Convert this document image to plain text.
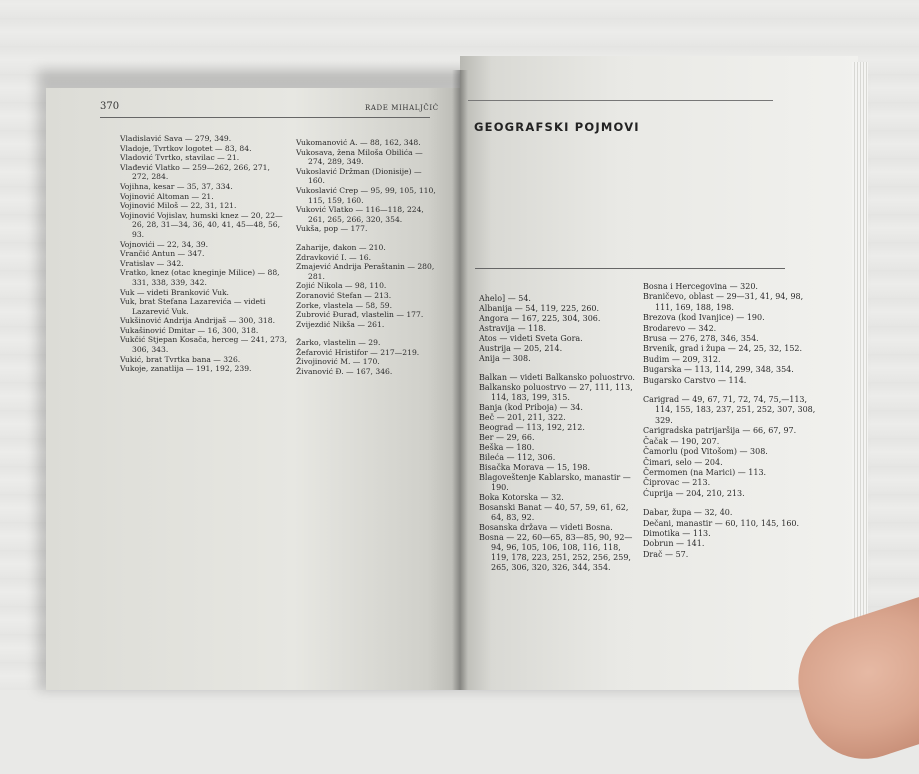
370	RADE MIHALJČIĆ

Vladislavić Sava — 279, 349.

Vladoje, Tvrtkov logotet — 83, 84.

Vladović Tvrtko, stavilac — 21.

Vlađević Vlatko — 259—262, 266, 271, 272, 284.

Vojihna, kesar — 35, 37, 334.

Vojinović Altoman — 21.

Vojinović Miloš — 22, 31, 121.

Vojinović Vojislav, humski knez — 20, 22—26, 28, 31—34, 36, 40, 41, 45—48, 56, 93.

Vojnovići — 22, 34, 39.

Vrančić Antun — 347.

Vratislav — 342.

Vratko, knez (otac kneginje Milice) — 88, 331, 338, 339, 342.

Vuk — videti Branković Vuk.

Vuk, brat Stefana Lazarevića — videti Lazarević Vuk.

Vukšinović Andrija Andrijaš — 300, 318.

Vukašinović Dmitar — 16, 300, 318.

Vukčić Stjepan Kosača, herceg — 241, 273, 306, 343.

Vukić, brat Tvrtka bana — 326.

Vukoje, zanatlija — 191, 192, 239.

Vukomanović A. — 88, 162, 348.

Vukosava, žena Miloša Obilića — 274, 289, 349.

Vukoslavić Držman (Dionisije) — 160.

Vukoslavić Crep — 95, 99, 105, 110, 115, 159, 160.

Vuković Vlatko — 116—118, 224, 261, 265, 266, 320, 354.

Vukša, pop — 177.

Zaharije, đakon — 210.

Zdravković I. — 16.

Zmajević Andrija Peraštanin — 280, 281.

Zojić Nikola — 98, 110.

Zoranović Stefan — 213.

Zorke, vlastela — 58, 59.

Zubrović Đurađ, vlastelin — 177.

Zvijezdić Nikša — 261.

Žarko, vlastelin — 29.

Žefarović Hristifor — 217—219.

Živojinović M. — 170.

Živanović Đ. — 167, 346.

GEOGRAFSKI POJMOVI

Ahelo] — 54.

Albanija — 54, 119, 225, 260.

Angora — 167, 225, 304, 306.

Astravija — 118.

Atos — videti Sveta Gora.

Austrija — 205, 214.

Anija — 308.

Balkan — videti Balkansko poluostrvo.

Balkansko poluostrvo — 27, 111, 113, 114, 183, 199, 315.

Banja (kod Priboja) — 34.

Beč — 201, 211, 322.

Beograd — 113, 192, 212.

Ber — 29, 66.

Beška — 180.

Bileća — 112, 306.

Bisačka Morava — 15, 198.

Blagoveštenje Kablarsko, manastir — 190.

Boka Kotorska — 32.

Bosanski Banat — 40, 57, 59, 61, 62, 64, 83, 92.

Bosanska država — videti Bosna.

Bosna — 22, 60—65, 83—85, 90, 92—94, 96, 105, 106, 108, 116, 118, 119, 178, 223, 251, 252, 256, 259, 265, 306, 320, 326, 344, 354.

Bosna i Hercegovina — 320.

Braničevo, oblast — 29—31, 41, 94, 98, 111, 169, 188, 198.

Brezova (kod Ivanjice) — 190.

Brodarevo — 342.

Brusa — 276, 278, 346, 354.

Brvenik, grad i župa — 24, 25, 32, 152.

Budim — 209, 312.

Bugarska — 113, 114, 299, 348, 354.

Bugarsko Carstvo — 114.

Carigrad — 49, 67, 71, 72, 74, 75,—113, 114, 155, 183, 237, 251, 252, 307, 308, 329.

Carigradska patrijaršija — 66, 67, 97.

Čačak — 190, 207.

Čamorlu (pod Vitošom) — 308.

Čimari, selo — 204.

Čermomen (na Marici) — 113.

Čiprovac — 213.

Ćuprija — 204, 210, 213.

Dabar, župa — 32, 40.

Dečani, manastir — 60, 110, 145, 160.

Dimotika — 113.

Dobrun — 141.

Drač — 57.
